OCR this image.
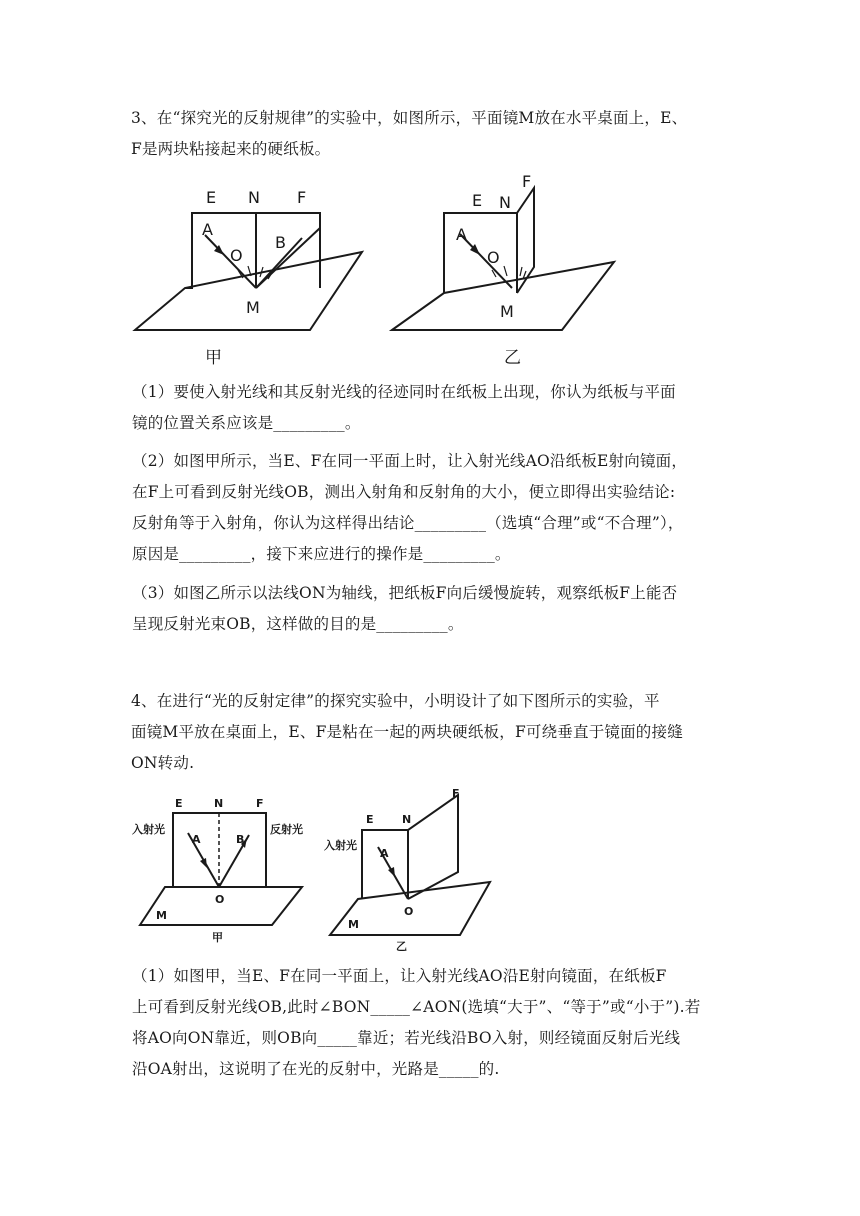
3、在“探究光的反射规律”的实验中，如图所示，平面镜M放在水平桌面上，E、
F是两块粘接起来的硬纸板。
E N F
A
O
B
M
甲
E N
F
A
O
M
乙
（1）要使入射光线和其反射光线的径迹同时在纸板上出现，你认为纸板与平面
镜的位置关系应该是_________。
（2）如图甲所示，当E、F在同一平面上时，让入射光线AO沿纸板E射向镜面，
在F上可看到反射光线OB，测出入射角和反射角的大小，便立即得出实验结论:
反射角等于入射角，你认为这样得出结论_________（选填“合理”或“不合理”），
原因是_________，接下来应进行的操作是_________。
（3）如图乙所示以法线ON为轴线，把纸板F向后缓慢旋转，观察纸板F上能否
呈现反射光束OB，这样做的目的是_________。
4、在进行“光的反射定律”的探究实验中，小明设计了如下图所示的实验，平
面镜M平放在桌面上，E、F是粘在一起的两块硬纸板，F可绕垂直于镜面的接缝
ON转动.
E	N	F
入射光	反射光
A	B
O
M
甲
E	N
F
入射光
A
O
M
乙
（1）如图甲，当E、F在同一平面上，让入射光线AO沿E射向镜面，在纸板F
上可看到反射光线OB,此时∠BON_____∠AON(选填“大于”、“等于”或“小于”).若
将AO向ON靠近，则OB向_____靠近；若光线沿BO入射，则经镜面反射后光线
沿OA射出，这说明了在光的反射中，光路是_____的.
